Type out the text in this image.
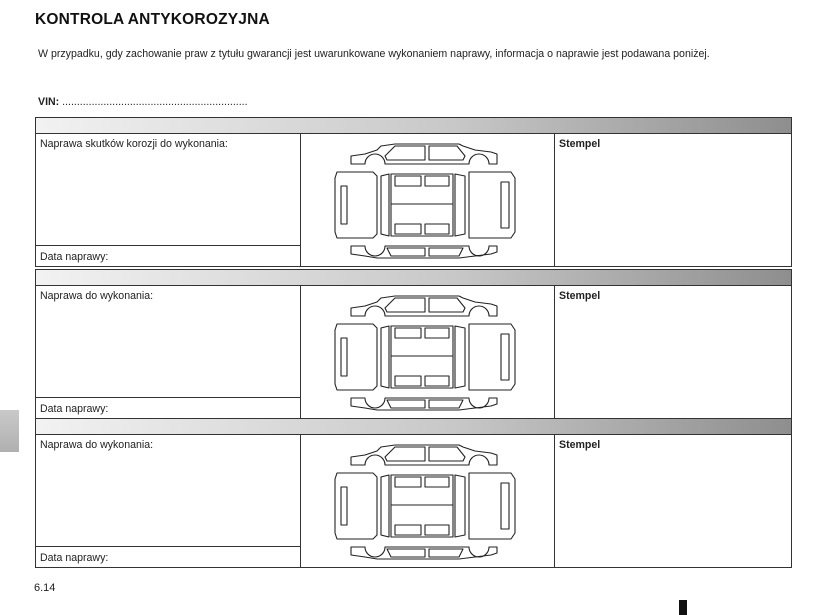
KONTROLA ANTYKOROZYJNA
W przypadku, gdy zachowanie praw z tytułu gwarancji jest uwarunkowane wykonaniem naprawy, informacja o naprawie jest podawana poniżej.
VIN: ...............................................................
Naprawa skutków korozji do wykonania:
Data naprawy:
Stempel
Naprawa do wykonania:
Data naprawy:
Stempel
Naprawa do wykonania:
Data naprawy:
Stempel
6.14
